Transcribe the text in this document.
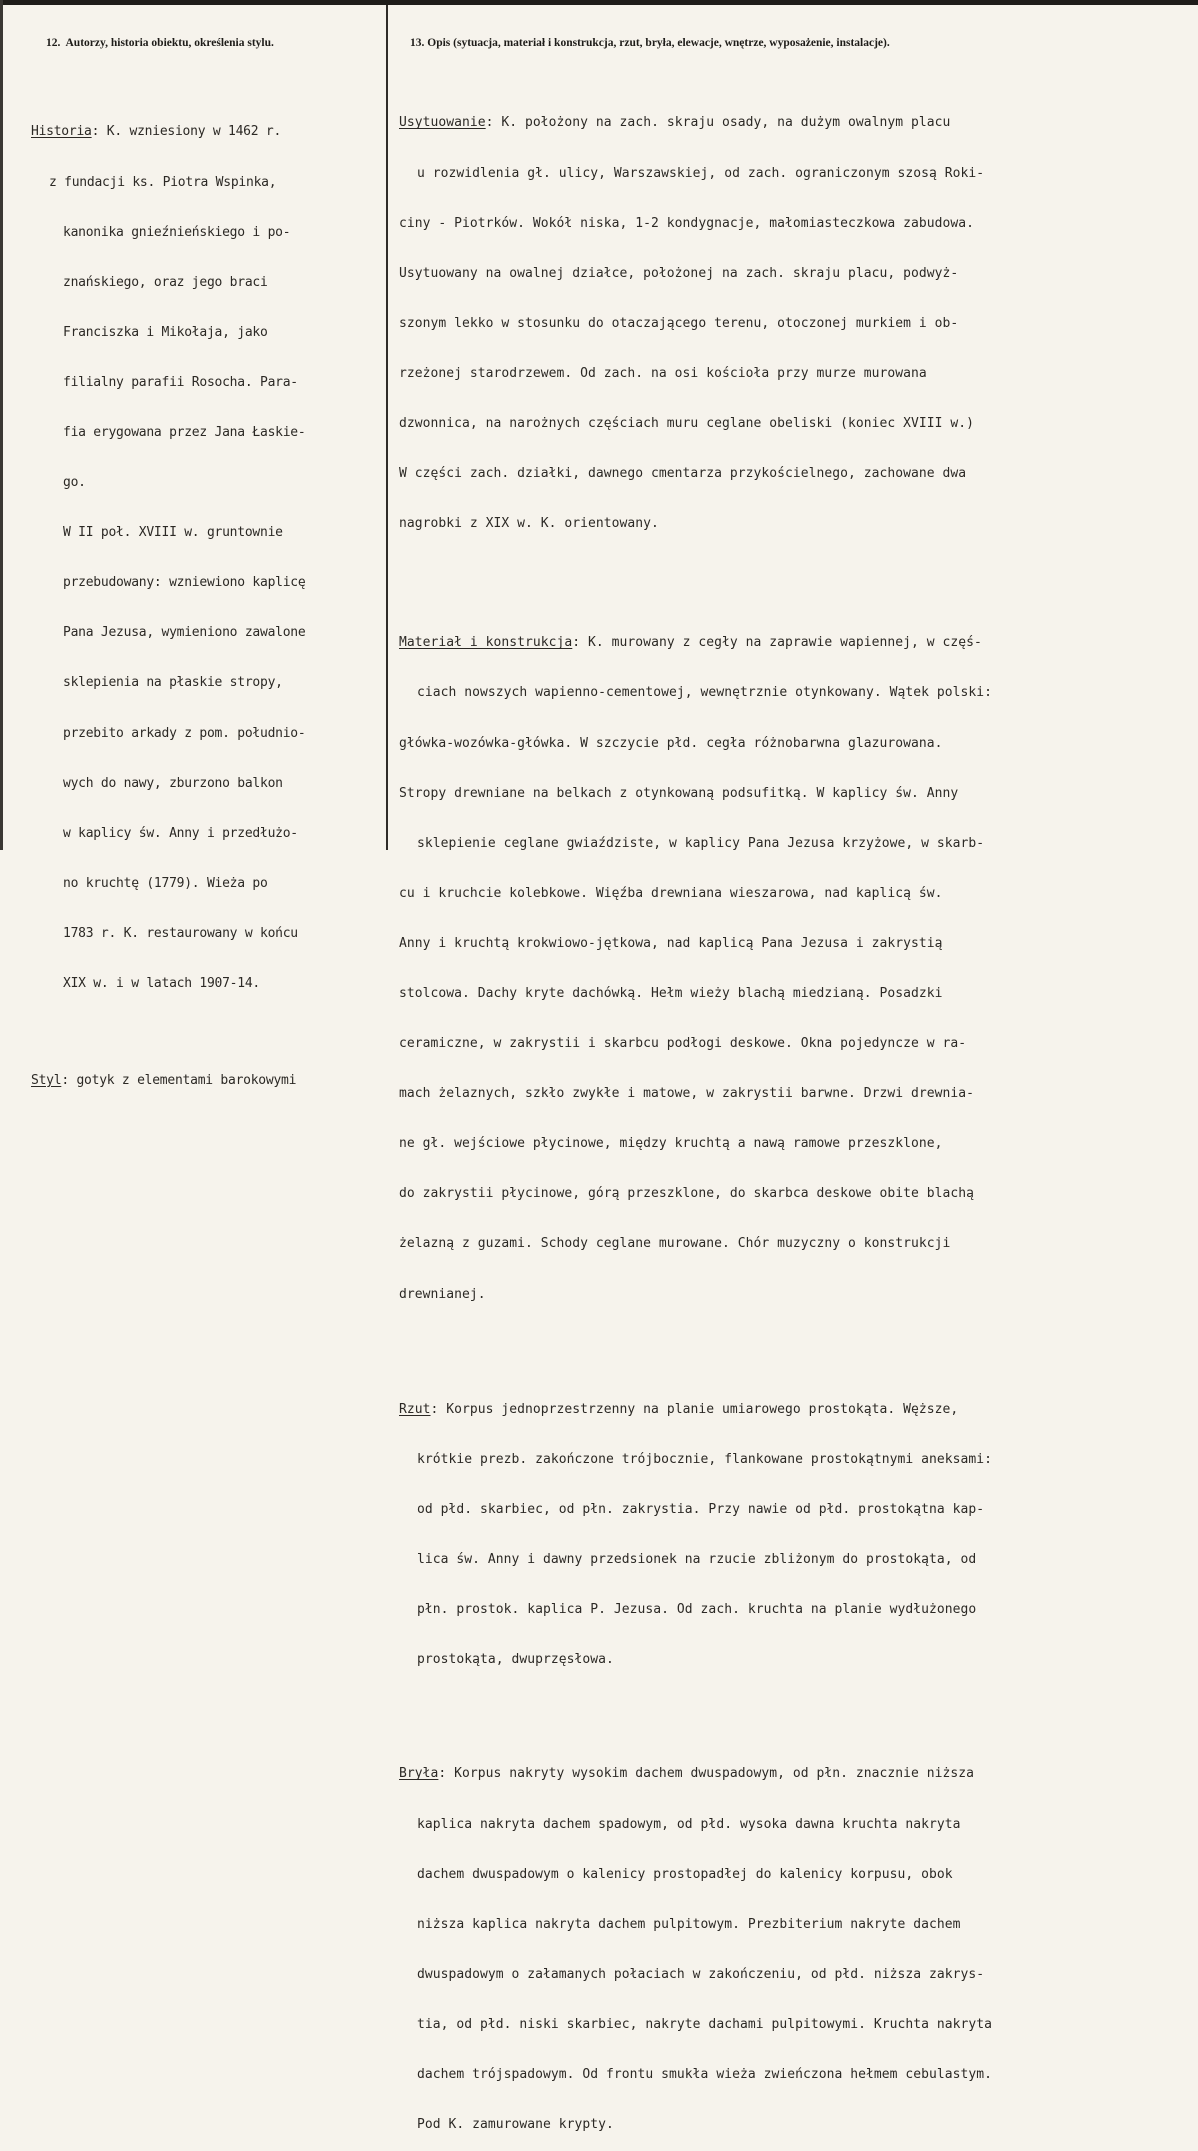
12. Autorzy, historia obiektu, określenia stylu.	13. Opis (sytuacja, materiał i konstrukcja, rzut, bryła, elewacje, wnętrze, wyposażenie, instalacje).

Historia: K. wzniesiony w 1462 r.

z fundacji ks. Piotra Wspinka,

kanonika gnieźnieńskiego i po-

znańskiego, oraz jego braci

Franciszka i Mikołaja, jako

filialny parafii Rosocha. Para-

fia erygowana przez Jana Łaskie-

go.

W II poł. XVIII w. gruntownie

przebudowany: wzniewiono kaplicę

Pana Jezusa, wymieniono zawalone

sklepienia na płaskie stropy,

przebito arkady z pom. południo-

wych do nawy, zburzono balkon

w kaplicy św. Anny i przedłużo-

no kruchtę (1779). Wieża po

1783 r. K. restaurowany w końcu

XIX w. i w latach 1907-14.

Styl: gotyk z elementami barokowymi

Usytuowanie: K. położony na zach. skraju osady, na dużym owalnym placu

u rozwidlenia gł. ulicy, Warszawskiej, od zach. ograniczonym szosą Roki-

ciny - Piotrków. Wokół niska, 1-2 kondygnacje, małomiasteczkowa zabudowa.

Usytuowany na owalnej działce, położonej na zach. skraju placu, podwyż-

szonym lekko w stosunku do otaczającego terenu, otoczonej murkiem i ob-

rzeżonej starodrzewem. Od zach. na osi kościoła przy murze murowana

dzwonnica, na narożnych częściach muru ceglane obeliski (koniec XVIII w.)

W części zach. działki, dawnego cmentarza przykościelnego, zachowane dwa

nagrobki z XIX w. K. orientowany.

Materiał i konstrukcja: K. murowany z cegły na zaprawie wapiennej, w częś-

ciach nowszych wapienno-cementowej, wewnętrznie otynkowany. Wątek polski:

główka-wozówka-główka. W szczycie płd. cegła różnobarwna glazurowana.

Stropy drewniane na belkach z otynkowaną podsufitką. W kaplicy św. Anny

sklepienie ceglane gwiaździste, w kaplicy Pana Jezusa krzyżowe, w skarb-

cu i kruchcie kolebkowe. Więźba drewniana wieszarowa, nad kaplicą św.

Anny i kruchtą krokwiowo-jętkowa, nad kaplicą Pana Jezusa i zakrystią

stolcowa. Dachy kryte dachówką. Hełm wieży blachą miedzianą. Posadzki

ceramiczne, w zakrystii i skarbcu podłogi deskowe. Okna pojedyncze w ra-

mach żelaznych, szkło zwykłe i matowe, w zakrystii barwne. Drzwi drewnia-

ne gł. wejściowe płycinowe, między kruchtą a nawą ramowe przeszklone,

do zakrystii płycinowe, górą przeszklone, do skarbca deskowe obite blachą

żelazną z guzami. Schody ceglane murowane. Chór muzyczny o konstrukcji

drewnianej.

Rzut: Korpus jednoprzestrzenny na planie umiarowego prostokąta. Węższe,

krótkie prezb. zakończone trójbocznie, flankowane prostokątnymi aneksami:

od płd. skarbiec, od płn. zakrystia. Przy nawie od płd. prostokątna kap-

lica św. Anny i dawny przedsionek na rzucie zbliżonym do prostokąta, od

płn. prostok. kaplica P. Jezusa. Od zach. kruchta na planie wydłużonego

prostokąta, dwuprzęsłowa.

Bryła: Korpus nakryty wysokim dachem dwuspadowym, od płn. znacznie niższa

kaplica nakryta dachem spadowym, od płd. wysoka dawna kruchta nakryta

dachem dwuspadowym o kalenicy prostopadłej do kalenicy korpusu, obok

niższa kaplica nakryta dachem pulpitowym. Prezbiterium nakryte dachem

dwuspadowym o załamanych połaciach w zakończeniu, od płd. niższa zakrys-

tia, od płd. niski skarbiec, nakryte dachami pulpitowymi. Kruchta nakryta

dachem trójspadowym. Od frontu smukła wieża zwieńczona hełmem cebulastym.

Pod K. zamurowane krypty.
